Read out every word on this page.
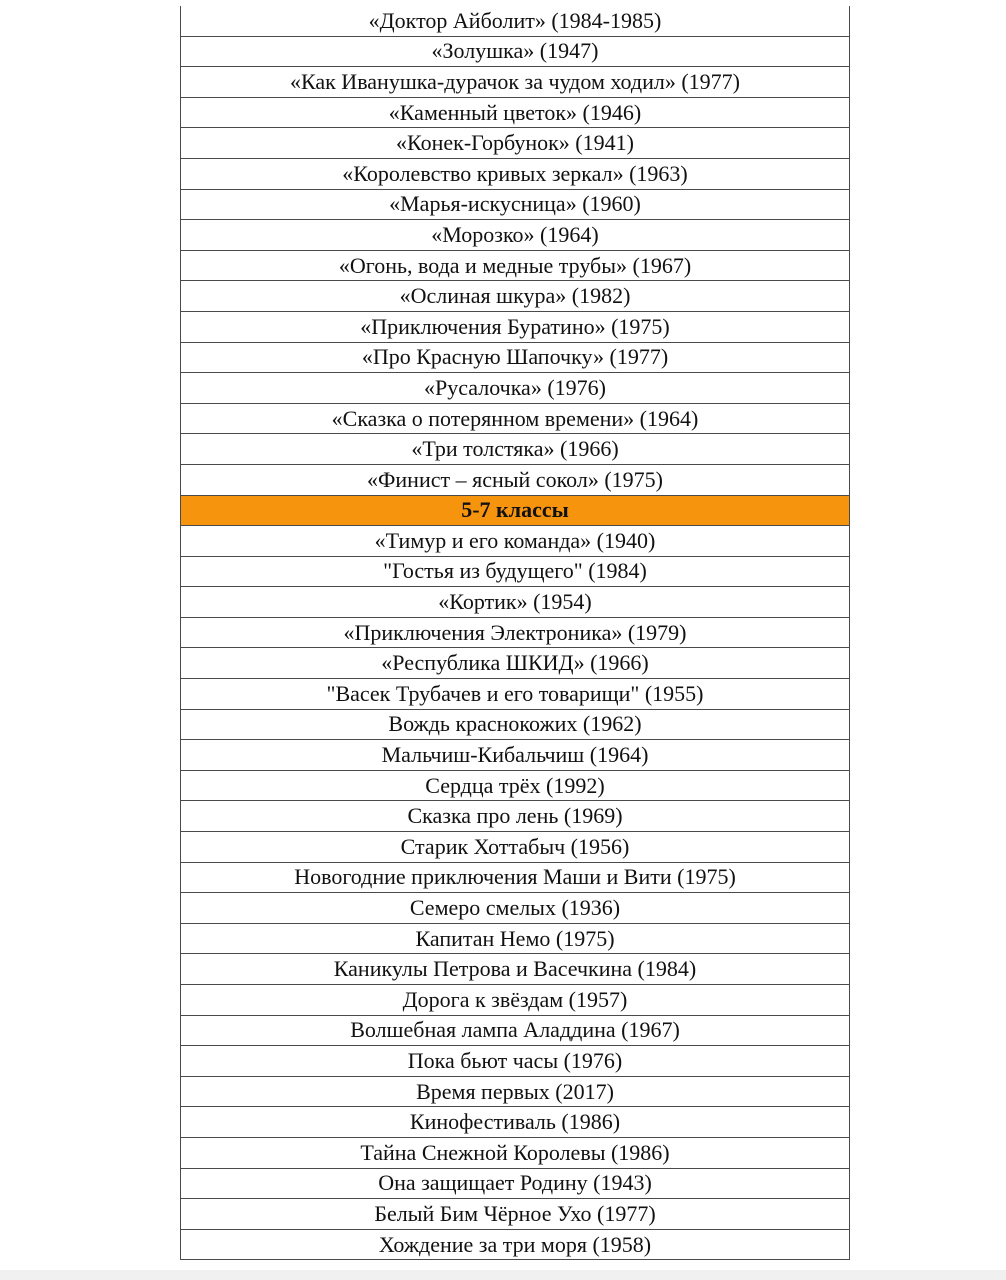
«Доктор Айболит» (1984-1985)
«Золушка» (1947)
«Как Иванушка-дурачок за чудом ходил» (1977)
«Каменный цветок» (1946)
«Конек-Горбунок» (1941)
«Королевство кривых зеркал» (1963)
«Марья-искусница» (1960)
«Морозко» (1964)
«Огонь, вода и медные трубы» (1967)
«Ослиная шкура» (1982)
«Приключения Буратино» (1975)
«Про Красную Шапочку» (1977)
«Русалочка» (1976)
«Сказка о потерянном времени» (1964)
«Три толстяка» (1966)
«Финист – ясный сокол» (1975)
5-7 классы
«Тимур и его команда» (1940)
"Гостья из будущего" (1984)
«Кортик» (1954)
«Приключения Электроника» (1979)
«Республика ШКИД» (1966)
"Васек Трубачев и его товарищи" (1955)
Вождь краснокожих (1962)
Мальчиш-Кибальчиш (1964)
Сердца трёх (1992)
Сказка про лень (1969)
Старик Хоттабыч (1956)
Новогодние приключения Маши и Вити (1975)
Семеро смелых (1936)
Капитан Немо (1975)
Каникулы Петрова и Васечкина (1984)
Дорога к звёздам (1957)
Волшебная лампа Аладдина (1967)
Пока бьют часы (1976)
Время первых (2017)
Кинофестиваль (1986)
Тайна Снежной Королевы (1986)
Она защищает Родину (1943)
Белый Бим Чёрное Ухо (1977)
Хождение за три моря (1958)
